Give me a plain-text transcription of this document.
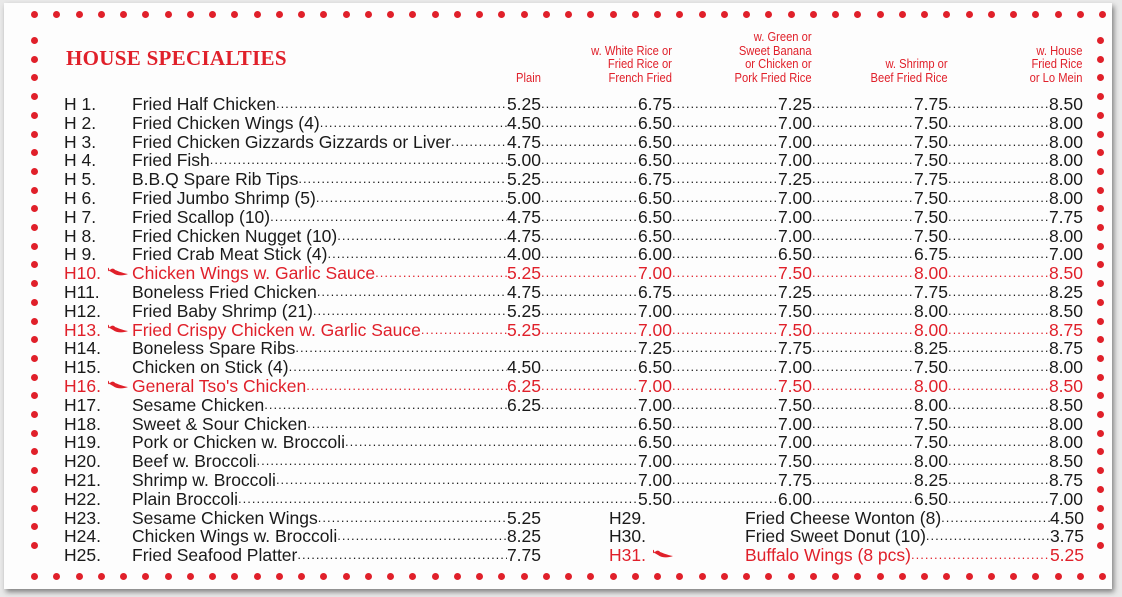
HOUSE SPECIALTIES
Plain
w. White Rice or
Fried Rice or
French Fried
w. Green or
Sweet Banana
or Chicken or
Pork Fried Rice
w. Shrimp or
Beef Fried Rice
w. House
Fried Rice
or Lo Mein
H 1.	Fried Half Chicken .....	5.25 .....	6.75 .....	7.25 .....	7.75 .....	8.50
H 2.	Fried Chicken Wings (4) .....	4.50 .....	6.50 .....	7.00 .....	7.50 .....	8.00
H 3.	Fried Chicken Gizzards Gizzards or Liver .....	4.75 .....	6.50 .....	7.00 .....	7.50 .....	8.00
H 4.	Fried Fish .....	5.00 .....	6.50 .....	7.00 .....	7.50 .....	8.00
H 5.	B.B.Q Spare Rib Tips .....	5.25 .....	6.75 .....	7.25 .....	7.75 .....	8.00
H 6.	Fried Jumbo Shrimp (5) .....	5.00 .....	6.50 .....	7.00 .....	7.50 .....	8.00
H 7.	Fried Scallop (10) .....	4.75 .....	6.50 .....	7.00 .....	7.50 .....	7.75
H 8.	Fried Chicken Nugget (10) .....	4.75 .....	6.50 .....	7.00 .....	7.50 .....	8.00
H 9.	Fried Crab Meat Stick (4) .....	4.00 .....	6.00 .....	6.50 .....	6.75 .....	7.00
H10.	Chicken Wings w. Garlic Sauce .....	5.25 .....	7.00 .....	7.50 .....	8.00 .....	8.50
H11.	Boneless Fried Chicken .....	4.75 .....	6.75 .....	7.25 .....	7.75 .....	8.25
H12.	Fried Baby Shrimp (21) .....	5.25 .....	7.00 .....	7.50 .....	8.00 .....	8.50
H13.	Fried Crispy Chicken w. Garlic Sauce .....	5.25 .....	7.00 .....	7.50 .....	8.00 .....	8.75
H14.	Boneless Spare Ribs ..... .....	7.25 .....	7.75 .....	8.25 .....	8.75
H15.	Chicken on Stick (4) .....	4.50 .....	6.50 .....	7.00 .....	7.50 .....	8.00
H16.	General Tso's Chicken .....	6.25 .....	7.00 .....	7.50 .....	8.00 .....	8.50
H17.	Sesame Chicken .....	6.25 .....	7.00 .....	7.50 .....	8.00 .....	8.50
H18.	Sweet & Sour Chicken ..... .....	6.50 .....	7.00 .....	7.50 .....	8.00
H19.	Pork or Chicken w. Broccoli ..... .....	6.50 .....	7.00 .....	7.50 .....	8.00
H20.	Beef w. Broccoli ..... .....	7.00 .....	7.50 .....	8.00 .....	8.50
H21.	Shrimp w. Broccoli ..... .....	7.00 .....	7.75 .....	8.25 .....	8.75
H22.	Plain Broccoli ..... .....	5.50 .....	6.00 .....	6.50 .....	7.00
H23.	Sesame Chicken Wings .....	5.25	H29.	Fried Cheese Wonton (8) .....	4.50
H24.	Chicken Wings w. Broccoli .....	8.25	H30.	Fried Sweet Donut (10) .....	3.75
H25.	Fried Seafood Platter .....	7.75	H31.	Buffalo Wings (8 pcs) .....	5.25
